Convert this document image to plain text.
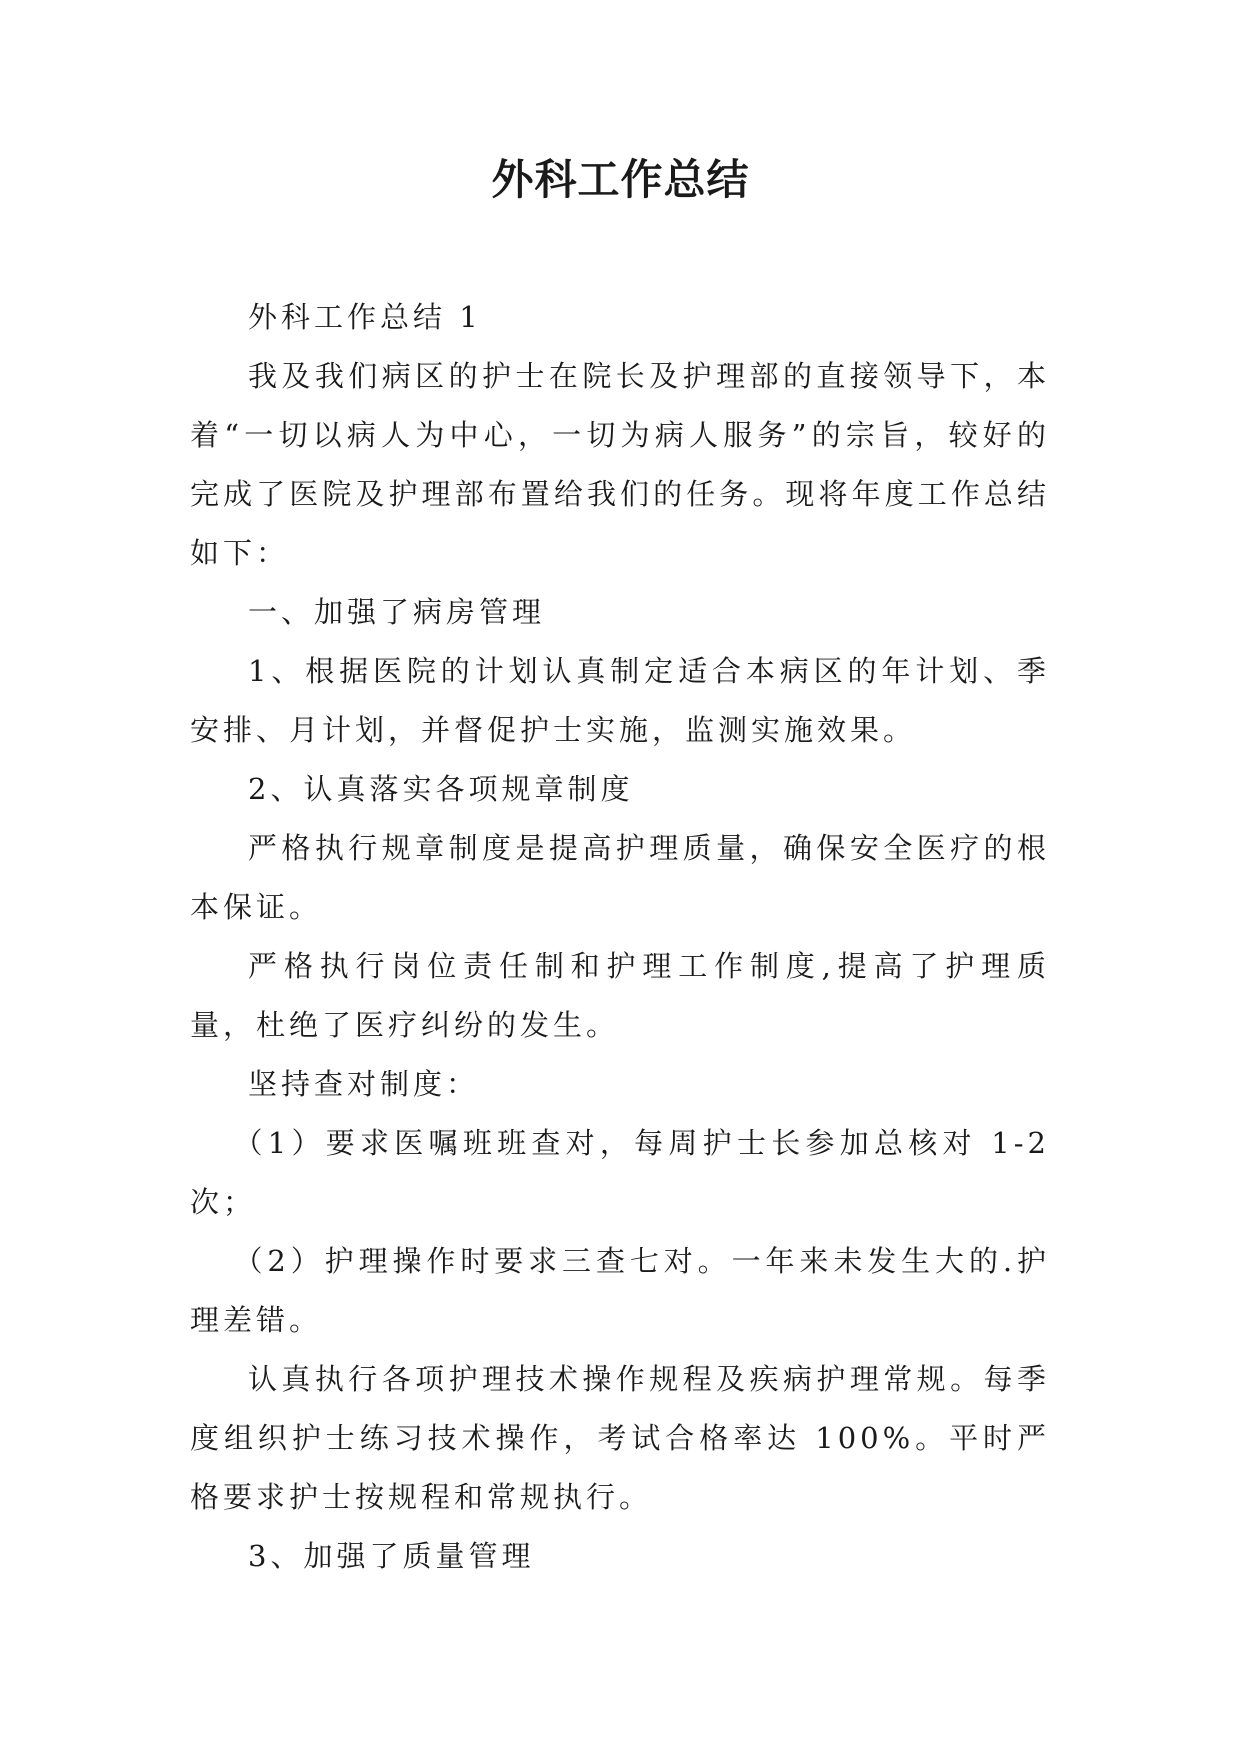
外科工作总结

外科工作总结 1

我及我们病区的护士在院长及护理部的直接领导下，本着“一切以病人为中心，一切为病人服务”的宗旨，较好的完成了医院及护理部布置给我们的任务。现将年度工作总结如下：

一、加强了病房管理

1、根据医院的计划认真制定适合本病区的年计划、季安排、月计划，并督促护士实施，监测实施效果。

2、认真落实各项规章制度

严格执行规章制度是提高护理质量，确保安全医疗的根本保证。

严格执行岗位责任制和护理工作制度,提高了护理质量，杜绝了医疗纠纷的发生。

坚持查对制度：

（1）要求医嘱班班查对，每周护士长参加总核对 1-2 次；

（2）护理操作时要求三查七对。一年来未发生大的.护理差错。

认真执行各项护理技术操作规程及疾病护理常规。每季度组织护士练习技术操作，考试合格率达 100%。平时严格要求护士按规程和常规执行。

3、加强了质量管理
